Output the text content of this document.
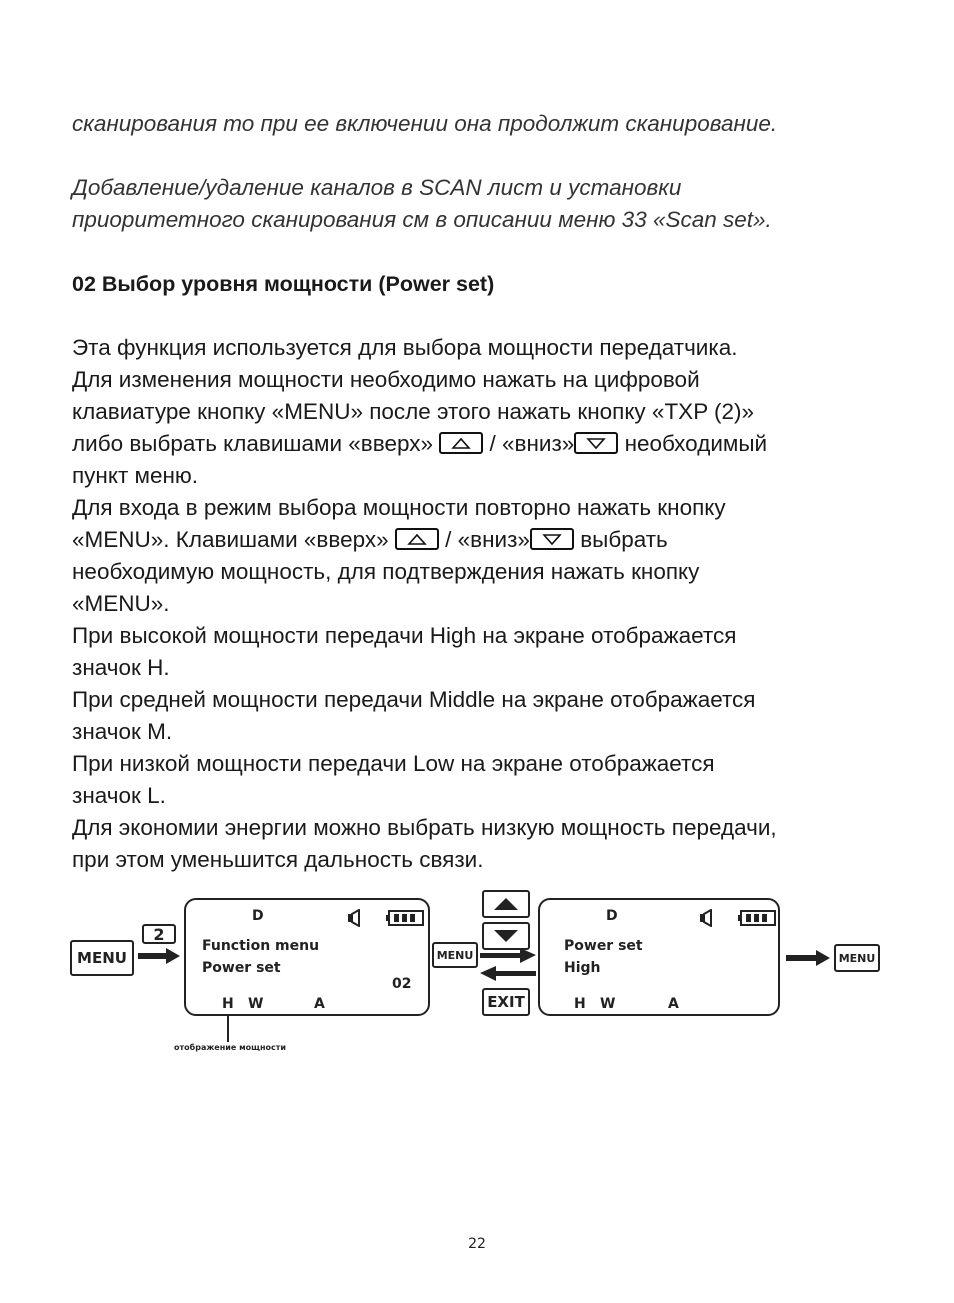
сканирования то при ее включении она продолжит сканирование.

Добавление/удаление каналов в SCAN лист и установки

приоритетного сканирования см в описании меню 33 «Scan set».

02 Выбор уровня мощности (Power set)

Эта функция используется для выбора мощности передатчика.

Для изменения мощности необходимо нажать на цифровой

клавиатуре кнопку «MENU» после этого нажать кнопку «TXP (2)»

либо выбрать клавишами «вверх»	/ «вниз» необходимый

пункт меню.

Для входа в режим выбора мощности повторно нажать кнопку

«MENU». Клавишами «вверх»	/ «вниз» выбрать

необходимую мощность, для подтверждения нажать кнопку

«MENU».

При высокой мощности передачи High на экране отображается

значок H.

При средней мощности передачи Middle на экране отображается

значок M.

При низкой мощности передачи Low на экране отображается

значок L.

Для экономии энергии можно выбрать низкую мощность передачи,

при этом уменьшится дальность связи.

MENU
2
D
Function menu
Power set
02
H W	A
отображение мощности
MENU
EXIT
D
Power set
High
H W	A
MENU
22
